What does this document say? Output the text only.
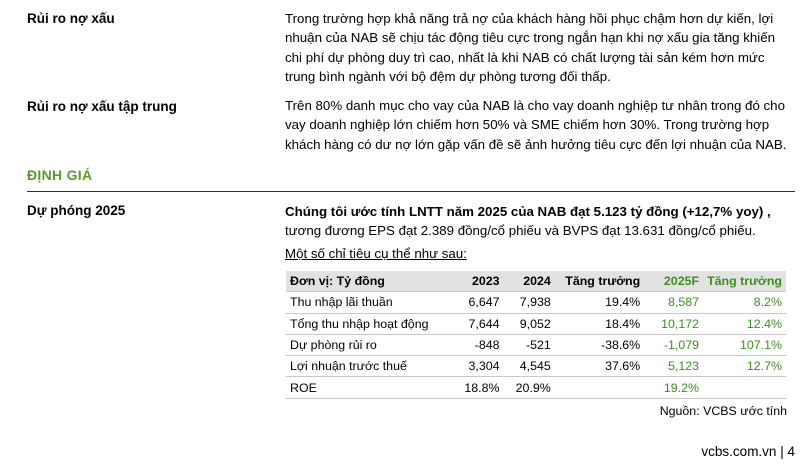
Rủi ro nợ xấu	Trong trường hợp khả năng trả nợ của khách hàng hồi phục chậm hơn dự kiến, lợi
nhuận của NAB sẽ chịu tác động tiêu cực trong ngắn hạn khi nợ xấu gia tăng khiến
chi phí dự phòng duy trì cao, nhất là khi NAB có chất lượng tài sản kém hơn mức
trung bình ngành với bộ đệm dự phòng tương đối thấp.
Rủi ro nợ xấu tập trung	Trên 80% danh mục cho vay của NAB là cho vay doanh nghiệp tư nhân trong đó cho
vay doanh nghiệp lớn chiếm hơn 50% và SME chiếm hơn 30%. Trong trường hợp
khách hàng có dư nợ lớn gặp vấn đề sẽ ảnh hưởng tiêu cực đến lợi nhuận của NAB.
ĐỊNH GIÁ
Dự phóng 2025	Chúng tôi ước tính LNTT năm 2025 của NAB đạt 5.123 tỷ đồng (+12,7% yoy) ,
tương đương EPS đạt 2.389 đồng/cổ phiếu và BVPS đạt 13.631 đồng/cổ phiếu.
Một số chỉ tiêu cụ thể như sau:
Đơn vị: Tỷ đồng	2023	2024	Tăng trưởng	2025F	Tăng trưởng
Thu nhập lãi thuần	6,647	7,938	19.4%	8,587	8.2%
Tổng thu nhập hoạt động	7,644	9,052	18.4%	10,172	12.4%
Dự phòng rủi ro	-848	-521	-38.6%	-1,079	107.1%
Lợi nhuận trước thuế	3,304	4,545	37.6%	5,123	12.7%
ROE	18.8%	20.9%		19.2%	
Nguồn: VCBS ước tính
vcbs.com.vn | 4
